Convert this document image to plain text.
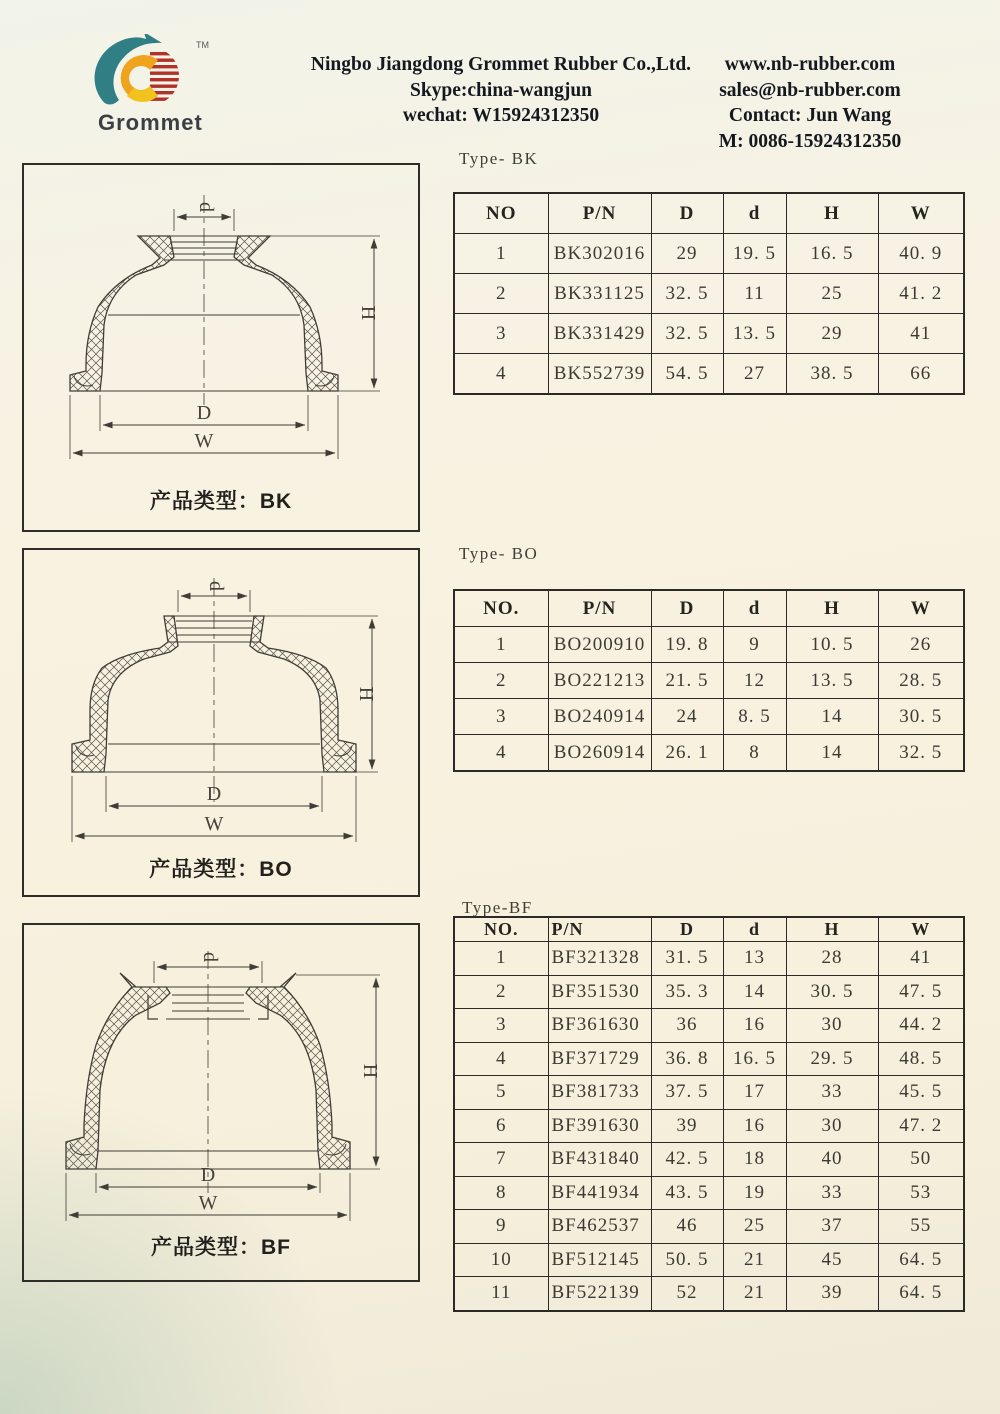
TM
Grommet
Ningbo Jiangdong Grommet Rubber Co.,Ltd.
Skype:china-wangjun
wechat: W15924312350
www.nb-rubber.com
sales@nb-rubber.com
Contact: Jun Wang
M: 0086-15924312350
Type- BK
Type- BO
Type-BF
NO	P/N	D	d	H	W
1	BK302016	29	19. 5	16. 5	40. 9
2	BK331125	32. 5	11	25	41. 2
3	BK331429	32. 5	13. 5	29	41
4	BK552739	54. 5	27	38. 5	66
NO.	P/N	D	d	H	W
1	BO200910	19. 8	9	10. 5	26
2	BO221213	21. 5	12	13. 5	28. 5
3	BO240914	24	8. 5	14	30. 5
4	BO260914	26. 1	8	14	32. 5
NO.	P/N	D	d	H	W
1	BF321328	31. 5	13	28	41
2	BF351530	35. 3	14	30. 5	47. 5
3	BF361630	36	16	30	44. 2
4	BF371729	36. 8	16. 5	29. 5	48. 5
5	BF381733	37. 5	17	33	45. 5
6	BF391630	39	16	30	47. 2
7	BF431840	42. 5	18	40	50
8	BF441934	43. 5	19	33	53
9	BF462537	46	25	37	55
10	BF512145	50. 5	21	45	64. 5
11	BF522139	52	21	39	64. 5
d
H
D
W
产品类型：BK
d
H
D
W
产品类型：BO
d
H
D
W
产品类型：BF
